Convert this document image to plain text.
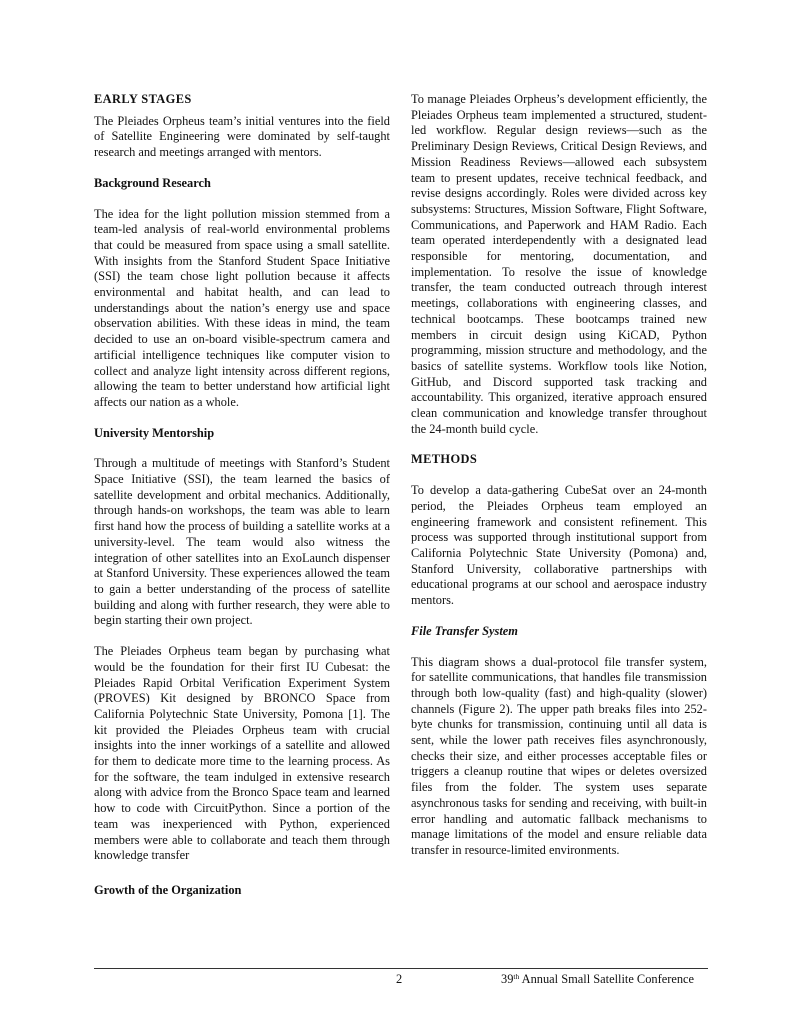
EARLY STAGES

The Pleiades Orpheus team’s initial ventures into the field of Satellite Engineering were dominated by self-taught research and meetings arranged with mentors.

Background Research

The idea for the light pollution mission stemmed from a team-led analysis of real-world environmental problems that could be measured from space using a small satellite. With insights from the Stanford Student Space Initiative (SSI) the team chose light pollution because it affects environmental and habitat health, and can lead to understandings about the nation’s energy use and space observation abilities. With these ideas in mind, the team decided to use an on-board visible-spectrum camera and artificial intelligence techniques like computer vision to collect and analyze light intensity across different regions, allowing the team to better understand how artificial light affects our nation as a whole.

University Mentorship

Through a multitude of meetings with Stanford’s Student Space Initiative (SSI), the team learned the basics of satellite development and orbital mechanics. Additionally, through hands-on workshops, the team was able to learn first hand how the process of building a satellite works at a university-level. The team would also witness the integration of other satellites into an ExoLaunch dispenser at Stanford University. These experiences allowed the team to gain a better understanding of the process of satellite building and along with further research, they were able to begin starting their own project.

The Pleiades Orpheus team began by purchasing what would be the foundation for their first IU Cubesat: the Pleiades Rapid Orbital Verification Experiment System (PROVES) Kit designed by BRONCO Space from California Polytechnic State University, Pomona [1]. The kit provided the Pleiades Orpheus team with crucial insights into the inner workings of a satellite and allowed for them to dedicate more time to the learning process. As for the software, the team indulged in extensive research along with advice from the Bronco Space team and learned how to code with CircuitPython. Since a portion of the team was inexperienced with Python, experienced members were able to collaborate and teach them through knowledge transfer

Growth of the Organization

To manage Pleiades Orpheus’s development efficiently, the Pleiades Orpheus team implemented a structured, student-led workflow. Regular design reviews—such as the Preliminary Design Reviews, Critical Design Reviews, and Mission Readiness Reviews—allowed each subsystem team to present updates, receive technical feedback, and revise designs accordingly. Roles were divided across key subsystems: Structures, Mission Software, Flight Software, Communications, and Paperwork and HAM Radio. Each team operated interdependently with a designated lead responsible for mentoring, documentation, and implementation. To resolve the issue of knowledge transfer, the team conducted outreach through interest meetings, collaborations with engineering classes, and technical bootcamps. These bootcamps trained new members in circuit design using KiCAD, Python programming, mission structure and methodology, and the basics of satellite systems. Workflow tools like Notion, GitHub, and Discord supported task tracking and accountability. This organized, iterative approach ensured clean communication and knowledge transfer throughout the 24-month build cycle.

METHODS

To develop a data-gathering CubeSat over an 24-month period, the Pleiades Orpheus team employed an engineering framework and consistent refinement. This process was supported through institutional support from California Polytechnic State University (Pomona) and, Stanford University, collaborative partnerships with educational programs at our school and aerospace industry mentors.

File Transfer System

This diagram shows a dual-protocol file transfer system, for satellite communications, that handles file transmission through both low-quality (fast) and high-quality (slower) channels (Figure 2). The upper path breaks files into 252-byte chunks for transmission, continuing until all data is sent, while the lower path receives files asynchronously, checks their size, and either processes acceptable files or triggers a cleanup routine that wipes or deletes oversized files from the folder. The system uses separate asynchronous tasks for sending and receiving, with built-in error handling and automatic fallback mechanisms to manage limitations of the model and ensure reliable data transfer in resource-limited environments.

2	39th Annual Small Satellite Conference
